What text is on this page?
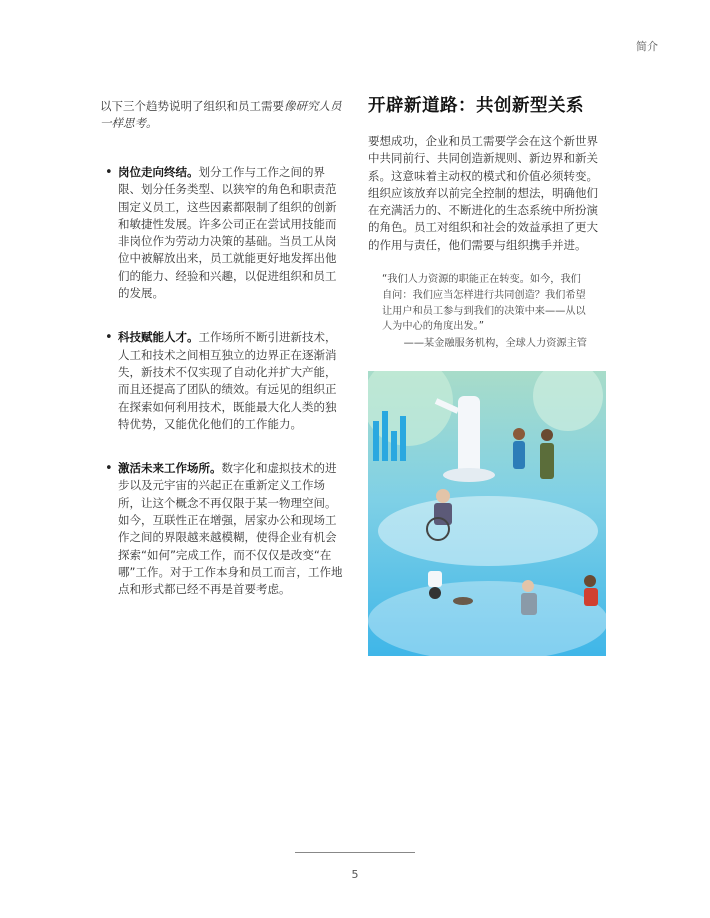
简介

以下三个趋势说明了组织和员工需要像研究人员一样思考。

• 岗位走向终结。划分工作与工作之间的界限、划分任务类型、以狭窄的角色和职责范围定义员工，这些因素都限制了组织的创新和敏捷性发展。许多公司正在尝试用技能而非岗位作为劳动力决策的基础。当员工从岗位中被解放出来，员工就能更好地发挥出他们的能力、经验和兴趣，以促进组织和员工的发展。
• 科技赋能人才。工作场所不断引进新技术，人工和技术之间相互独立的边界正在逐渐消失，新技术不仅实现了自动化并扩大产能，而且还提高了团队的绩效。有远见的组织正在探索如何利用技术，既能最大化人类的独特优势，又能优化他们的工作能力。
• 激活未来工作场所。数字化和虚拟技术的进步以及元宇宙的兴起正在重新定义工作场所，让这个概念不再仅限于某一物理空间。如今，互联性正在增强，居家办公和现场工作之间的界限越来越模糊，使得企业有机会探索“如何”完成工作，而不仅仅是改变“在哪”工作。对于工作本身和员工而言，工作地点和形式都已经不再是首要考虑。
开辟新道路：共创新型关系

要想成功，企业和员工需要学会在这个新世界中共同前行、共同创造新规则、新边界和新关系。这意味着主动权的模式和价值必须转变。组织应该放弃以前完全控制的想法，明确他们在充满活力的、不断进化的生态系统中所扮演的角色。员工对组织和社会的效益承担了更大的作用与责任，他们需要与组织携手并进。

“我们人力资源的职能正在转变。如今，我们自问：我们应当怎样进行共同创造？我们希望让用户和员工参与到我们的决策中来——从以人为中心的角度出发。”
——某金融服务机构，全球人力资源主管
5
